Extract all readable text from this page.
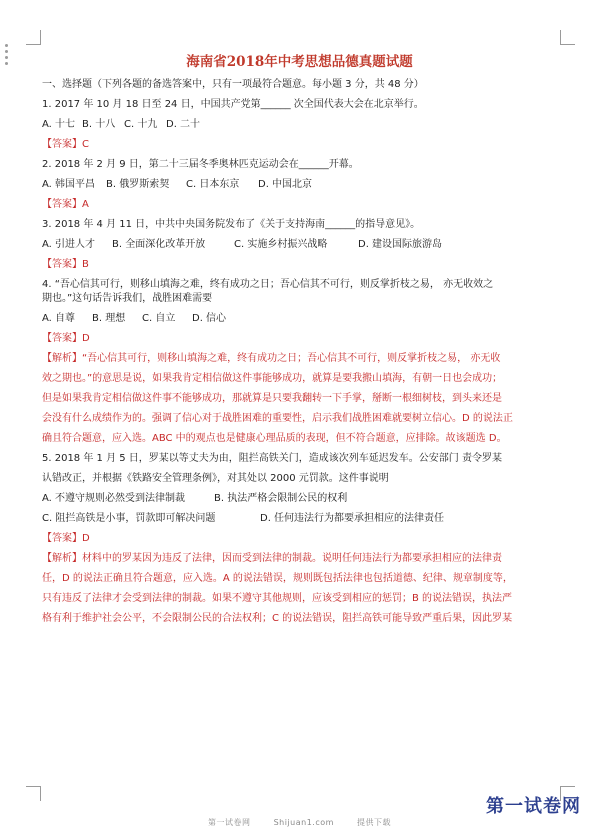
海南省2018年中考思想品德真题试题
一、选择题（下列各题的备选答案中，只有一项最符合题意。每小题 3 分，共 48 分）
1. 2017 年 10 月 18 日至 24 日，中国共产党第______ 次全国代表大会在北京举行。
A. 十七 B. 十八 C. 十九 D. 二十
【答案】C
2. 2018 年 2 月 9 日，第二十三届冬季奥林匹克运动会在______开幕。
A. 韩国平昌	B. 俄罗斯索契	C. 日本东京	D. 中国北京
【答案】A
3. 2018 年 4 月 11 日，中共中央国务院发布了《关于支持海南______的指导意见》。
A. 引进人才	B. 全面深化改革开放	C. 实施乡村振兴战略	D. 建设国际旅游岛
【答案】B
4. “吾心信其可行，则移山填海之难，终有成功之日；吾心信其不可行，则反掌折枝之易， 亦无收效之
期也。”这句话告诉我们，战胜困难需要
A. 自尊	B. 理想	C. 自立	D. 信心
【答案】D
【解析】“吾心信其可行，则移山填海之难，终有成功之日；吾心信其不可行，则反掌折枝之易， 亦无收
效之期也。”的意思是说，如果我肯定相信做这件事能够成功，就算是要我搬山填海，有朝一日也会成功；
但是如果我肯定相信做这件事不能够成功，那就算是只要我翻转一下手掌，掰断一根细树枝，到头来还是
会没有什么成绩作为的。强调了信心对于战胜困难的重要性，启示我们战胜困难就要树立信心。D 的说法正
确且符合题意，应入选。ABC 中的观点也是健康心理品质的表现，但不符合题意，应排除。故该题选 D。
5. 2018 年 1 月 5 日，罗某以等丈夫为由，阻拦高铁关门，造成该次列车延迟发车。公安部门 责令罗某
认错改正，并根据《铁路安全管理条例》，对其处以 2000 元罚款。这件事说明
A. 不遵守规则必然受到法律制裁	B. 执法严格会限制公民的权利
C. 阻拦高铁是小事，罚款即可解决问题	D. 任何违法行为都要承担相应的法律责任
【答案】D
【解析】材料中的罗某因为违反了法律，因而受到法律的制裁。说明任何违法行为都要承担相应的法律责
任，D 的说法正确且符合题意，应入选。A 的说法错误，规则既包括法律也包括道德、纪律、规章制度等，
只有违反了法律才会受到法律的制裁。如果不遵守其他规则，应该受到相应的惩罚；B 的说法错误，执法严
格有利于维护社会公平，不会限制公民的合法权利；C 的说法错误，阻拦高铁可能导致严重后果，因此罗某
第一试卷网
第一试卷网	Shijuan1.com	提供下载
